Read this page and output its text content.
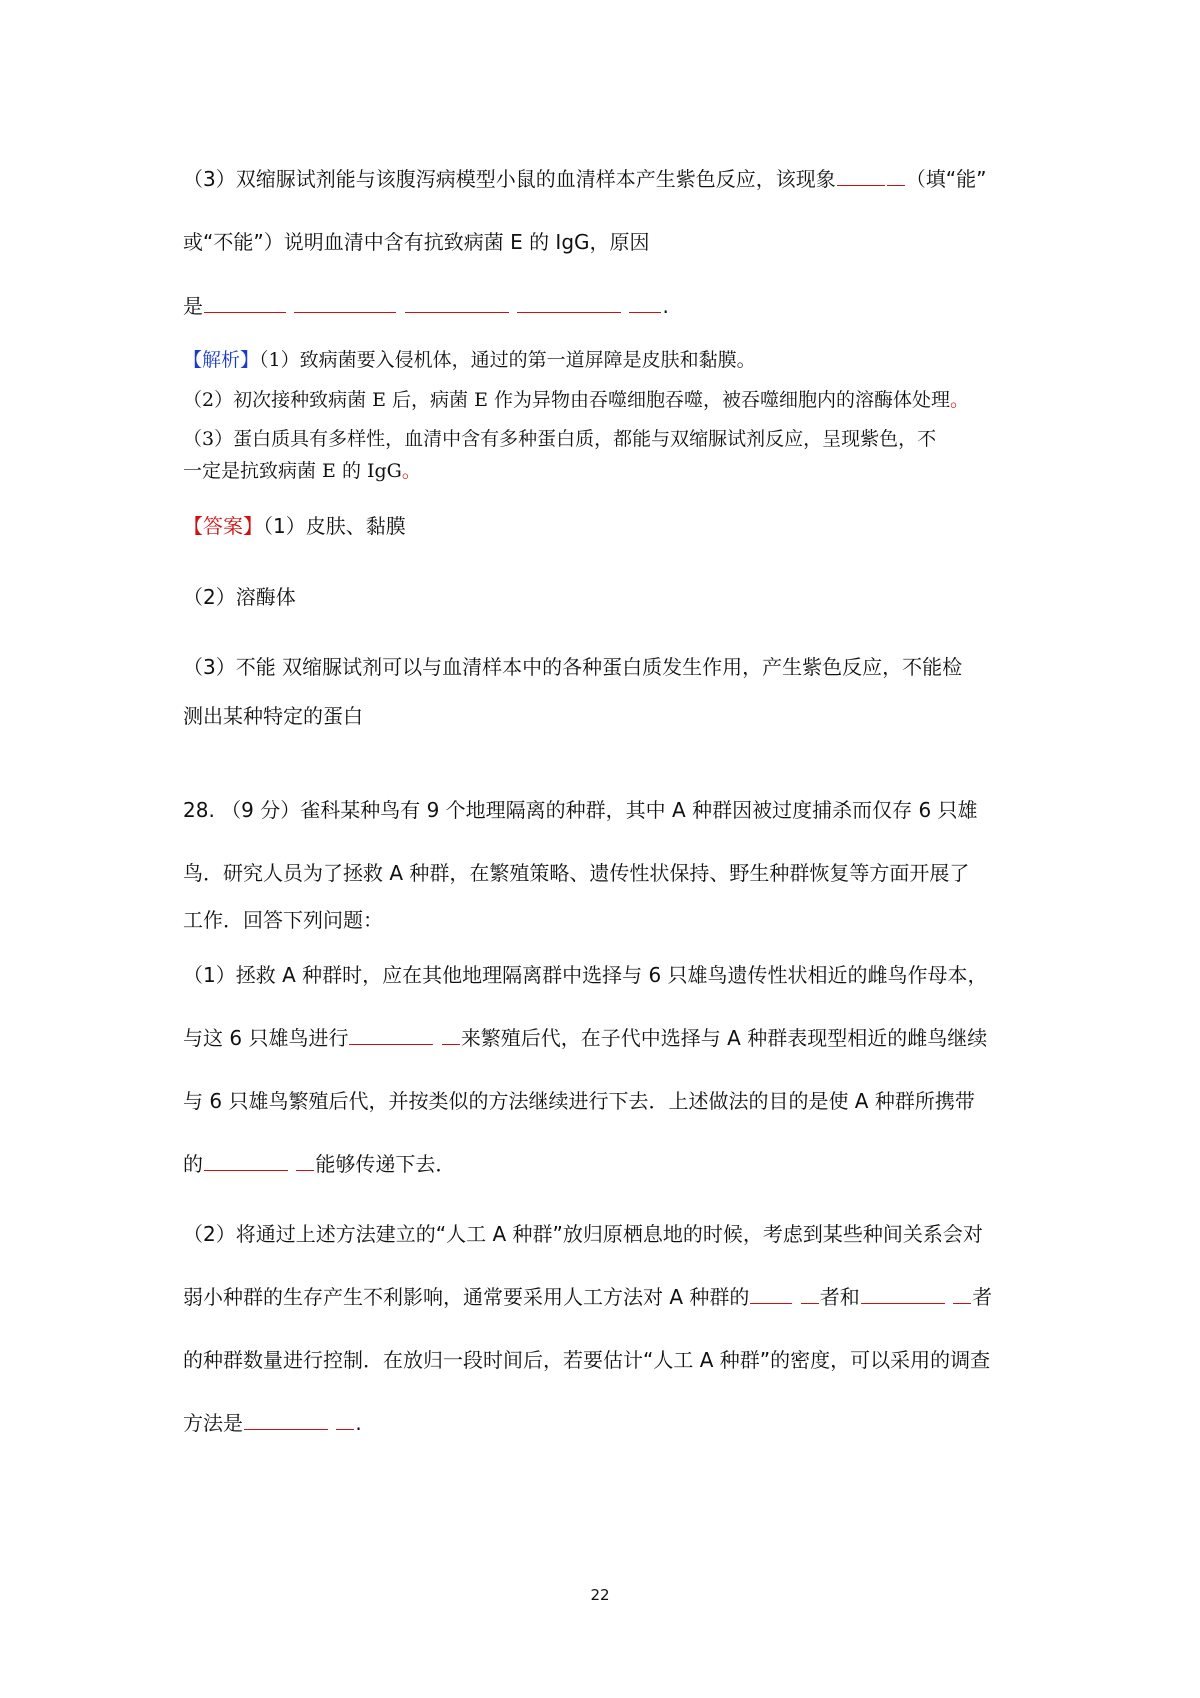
（3）双缩脲试剂能与该腹泻病模型小鼠的血清样本产生紫色反应，该现象	（填“能”
或“不能”）说明血清中含有抗致病菌 E 的 IgG，原因
是	.
【解析】（1）致病菌要入侵机体，通过的第一道屏障是皮肤和黏膜。
（2）初次接种致病菌 E 后，病菌 E 作为异物由吞噬细胞吞噬，被吞噬细胞内的溶酶体处理。
（3）蛋白质具有多样性，血清中含有多种蛋白质，都能与双缩脲试剂反应，呈现紫色，不
一定是抗致病菌 E 的 IgG。
【答案】（1）皮肤、黏膜
（2）溶酶体
（3）不能 双缩脲试剂可以与血清样本中的各种蛋白质发生作用，产生紫色反应，不能检
测出某种特定的蛋白
28. （9 分）雀科某种鸟有 9 个地理隔离的种群，其中 A 种群因被过度捕杀而仅存 6 只雄
鸟．研究人员为了拯救 A 种群，在繁殖策略、遗传性状保持、野生种群恢复等方面开展了
工作．回答下列问题：
（1）拯救 A 种群时，应在其他地理隔离群中选择与 6 只雄鸟遗传性状相近的雌鸟作母本，
与这 6 只雄鸟进行	来繁殖后代，在子代中选择与 A 种群表现型相近的雌鸟继续
与 6 只雄鸟繁殖后代，并按类似的方法继续进行下去．上述做法的目的是使 A 种群所携带
的	能够传递下去．
（2）将通过上述方法建立的“人工 A 种群”放归原栖息地的时候，考虑到某些种间关系会对
弱小种群的生存产生不利影响，通常要采用人工方法对 A 种群的	者和	者
的种群数量进行控制．在放归一段时间后，若要估计“人工 A 种群”的密度，可以采用的调查
方法是	.
22
